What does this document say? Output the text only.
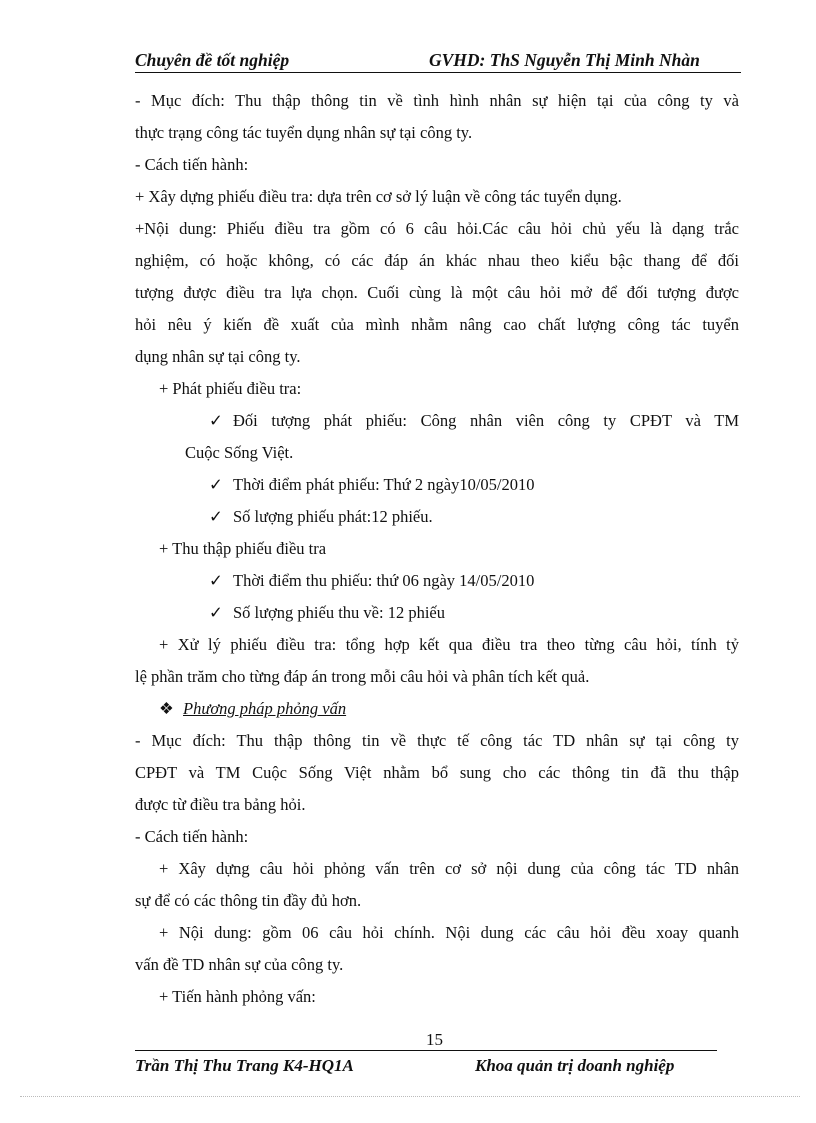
Chuyên đề tốt nghiệp	GVHD: ThS Nguyễn Thị Minh Nhàn
- Mục đích: Thu thập thông tin về tình hình nhân sự hiện tại của công ty và
thực trạng công tác tuyển dụng nhân sự tại công ty.
- Cách tiến hành:
+ Xây dựng phiếu điều tra: dựa trên cơ sở lý luận về công tác tuyển dụng.
+Nội dung: Phiếu điều tra gồm có 6 câu hỏi.Các câu hỏi chủ yếu là dạng trắc
nghiệm, có hoặc không, có các đáp án khác nhau theo kiểu bậc thang để đối
tượng được điều tra lựa chọn. Cuối cùng là một câu hỏi mở để đối tượng được
hỏi nêu ý kiến đề xuất của mình nhằm nâng cao chất lượng công tác tuyển
dụng nhân sự tại công ty.
+ Phát phiếu điều tra:
✓ Đối tượng phát phiếu: Công nhân viên công ty CPĐT và TM
Cuộc Sống Việt.
✓ Thời điểm phát phiếu: Thứ 2 ngày10/05/2010
✓ Số lượng phiếu phát:12 phiếu.
+ Thu thập phiếu điều tra
✓ Thời điểm thu phiếu: thứ 06 ngày 14/05/2010
✓ Số lượng phiếu thu về: 12 phiếu
+ Xử lý phiếu điều tra: tổng hợp kết qua điều tra theo từng câu hỏi, tính tỷ
lệ phần trăm cho từng đáp án trong mỗi câu hỏi và phân tích kết quả.
❖ Phương pháp phỏng vấn
- Mục đích: Thu thập thông tin về thực tế công tác TD nhân sự tại công ty
CPĐT và TM Cuộc Sống Việt nhằm bổ sung cho các thông tin đã thu thập
được từ điều tra bảng hỏi.
- Cách tiến hành:
+ Xây dựng câu hỏi phỏng vấn trên cơ sở nội dung của công tác TD nhân
sự để có các thông tin đầy đủ hơn.
+ Nội dung: gồm 06 câu hỏi chính. Nội dung các câu hỏi đều xoay quanh
vấn đề TD nhân sự của công ty.
+ Tiến hành phỏng vấn:
15
Trần Thị Thu Trang K4-HQ1A	Khoa quản trị doanh nghiệp
